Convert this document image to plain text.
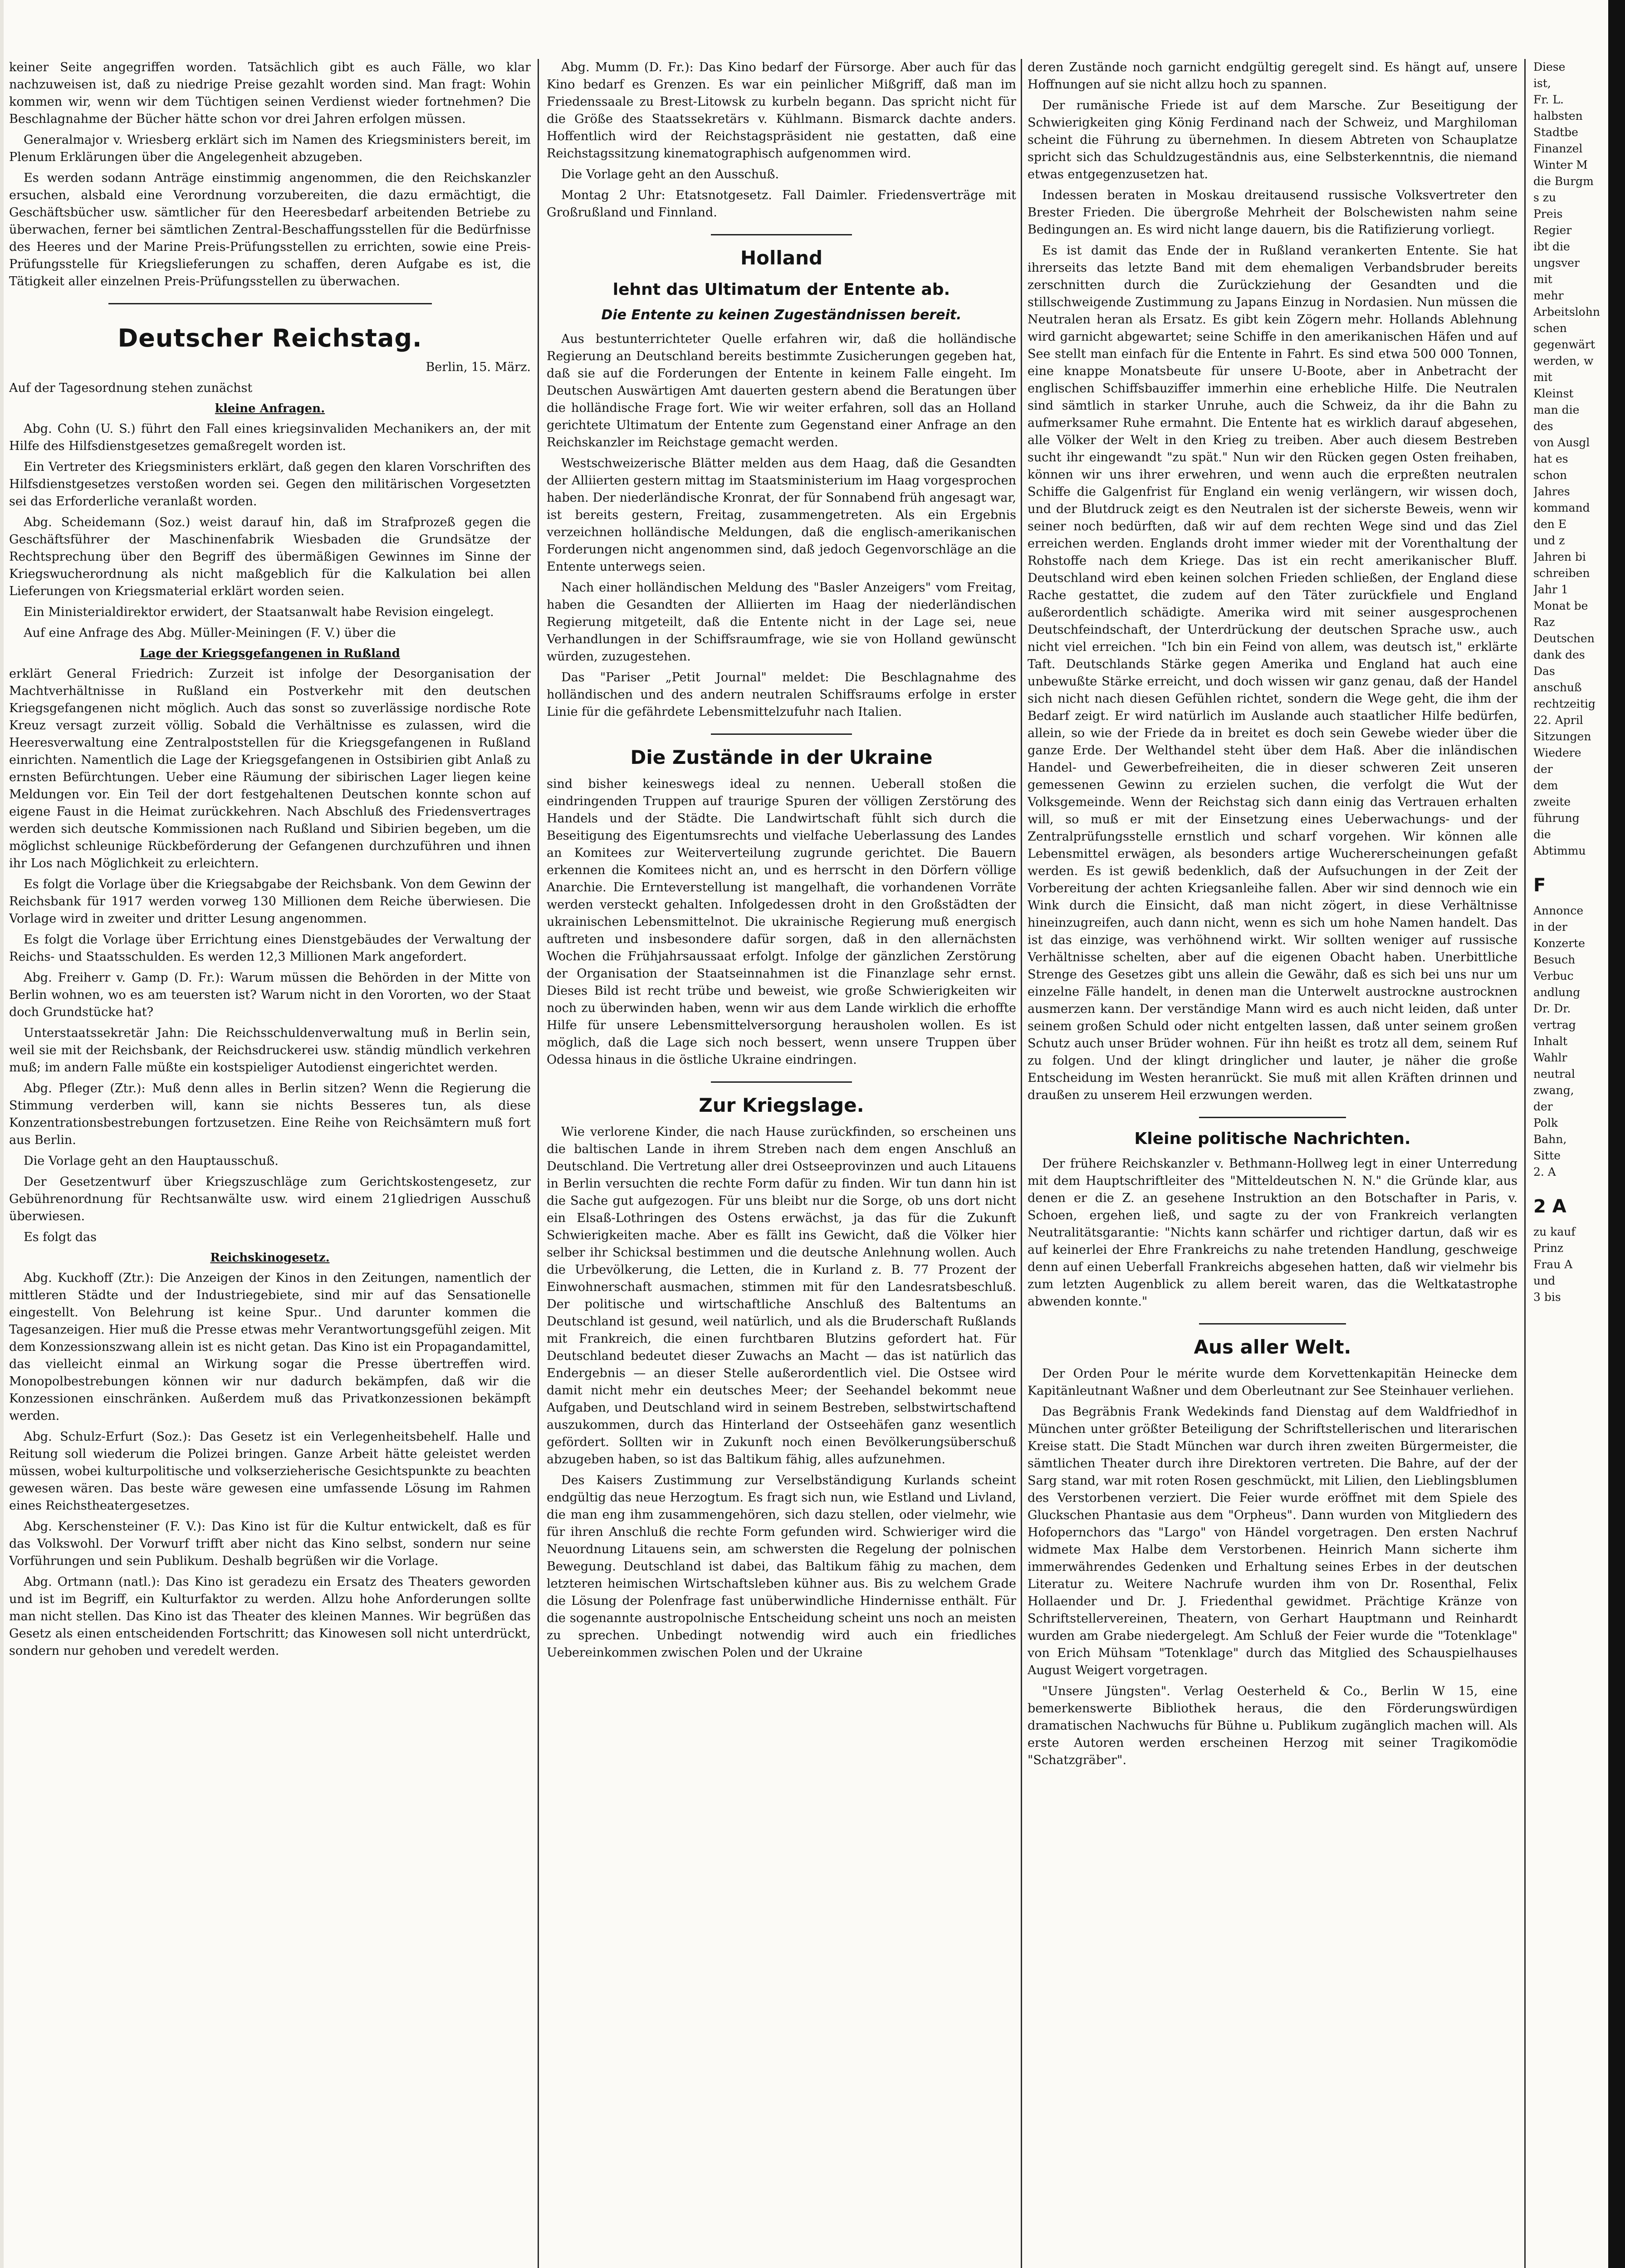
keiner Seite angegriffen worden. Tatsächlich gibt es auch Fälle, wo klar nachzuweisen ist, daß zu niedrige Preise gezahlt worden sind. Man fragt: Wohin kommen wir, wenn wir dem Tüchtigen seinen Verdienst wieder fortnehmen? Die Beschlagnahme der Bücher hätte schon vor drei Jahren erfolgen müssen.

Generalmajor v. Wriesberg erklärt sich im Namen des Kriegsministers bereit, im Plenum Erklärungen über die Angelegenheit abzugeben.

Es werden sodann Anträge einstimmig angenommen, die den Reichskanzler ersuchen, alsbald eine Verordnung vorzubereiten, die dazu ermächtigt, die Geschäftsbücher usw. sämtlicher für den Heeresbedarf arbeitenden Betriebe zu überwachen, ferner bei sämtlichen Zentral-Beschaffungsstellen für die Bedürfnisse des Heeres und der Marine Preis-Prüfungsstellen zu errichten, sowie eine Preis-Prüfungsstelle für Kriegslieferungen zu schaffen, deren Aufgabe es ist, die Tätigkeit aller einzelnen Preis-Prüfungsstellen zu überwachen.

Deutscher Reichstag.
Berlin, 15. März.

Auf der Tagesordnung stehen zunächst

kleine Anfragen.

Abg. Cohn (U. S.) führt den Fall eines kriegsinvaliden Mechanikers an, der mit Hilfe des Hilfsdienstgesetzes gemaßregelt worden ist.

Ein Vertreter des Kriegsministers erklärt, daß gegen den klaren Vorschriften des Hilfsdienstgesetzes verstoßen worden sei. Gegen den militärischen Vorgesetzten sei das Erforderliche veranlaßt worden.

Abg. Scheidemann (Soz.) weist darauf hin, daß im Strafprozeß gegen die Geschäftsführer der Maschinenfabrik Wiesbaden die Grundsätze der Rechtsprechung über den Begriff des übermäßigen Gewinnes im Sinne der Kriegswucherordnung als nicht maßgeblich für die Kalkulation bei allen Lieferungen von Kriegsmaterial erklärt worden seien.

Ein Ministerialdirektor erwidert, der Staatsanwalt habe Revision eingelegt.

Auf eine Anfrage des Abg. Müller-Meiningen (F. V.) über die

Lage der Kriegsgefangenen in Rußland

erklärt General Friedrich: Zurzeit ist infolge der Desorganisation der Machtverhältnisse in Rußland ein Postverkehr mit den deutschen Kriegsgefangenen nicht möglich. Auch das sonst so zuverlässige nordische Rote Kreuz versagt zurzeit völlig. Sobald die Verhältnisse es zulassen, wird die Heeresverwaltung eine Zentralpoststellen für die Kriegsgefangenen in Rußland einrichten. Namentlich die Lage der Kriegsgefangenen in Ostsibirien gibt Anlaß zu ernsten Befürchtungen. Ueber eine Räumung der sibirischen Lager liegen keine Meldungen vor. Ein Teil der dort festgehaltenen Deutschen konnte schon auf eigene Faust in die Heimat zurückkehren. Nach Abschluß des Friedensvertrages werden sich deutsche Kommissionen nach Rußland und Sibirien begeben, um die möglichst schleunige Rückbeförderung der Gefangenen durchzuführen und ihnen ihr Los nach Möglichkeit zu erleichtern.

Es folgt die Vorlage über die Kriegsabgabe der Reichsbank. Von dem Gewinn der Reichsbank für 1917 werden vorweg 130 Millionen dem Reiche überwiesen. Die Vorlage wird in zweiter und dritter Lesung angenommen.

Es folgt die Vorlage über Errichtung eines Dienstgebäudes der Verwaltung der Reichs- und Staatsschulden. Es werden 12,3 Millionen Mark angefordert.

Abg. Freiherr v. Gamp (D. Fr.): Warum müssen die Behörden in der Mitte von Berlin wohnen, wo es am teuersten ist? Warum nicht in den Vororten, wo der Staat doch Grundstücke hat?

Unterstaatssekretär Jahn: Die Reichsschuldenverwaltung muß in Berlin sein, weil sie mit der Reichsbank, der Reichsdruckerei usw. ständig mündlich verkehren muß; im andern Falle müßte ein kostspieliger Autodienst eingerichtet werden.

Abg. Pfleger (Ztr.): Muß denn alles in Berlin sitzen? Wenn die Regierung die Stimmung verderben will, kann sie nichts Besseres tun, als diese Konzentrationsbestrebungen fortzusetzen. Eine Reihe von Reichsämtern muß fort aus Berlin.

Die Vorlage geht an den Hauptausschuß.

Der Gesetzentwurf über Kriegszuschläge zum Gerichtskostengesetz, zur Gebührenordnung für Rechtsanwälte usw. wird einem 21gliedrigen Ausschuß überwiesen.

Es folgt das

Reichskinogesetz.

Abg. Kuckhoff (Ztr.): Die Anzeigen der Kinos in den Zeitungen, namentlich der mittleren Städte und der Industriegebiete, sind mir auf das Sensationelle eingestellt. Von Belehrung ist keine Spur.. Und darunter kommen die Tagesanzeigen. Hier muß die Presse etwas mehr Verantwortungsgefühl zeigen. Mit dem Konzessionszwang allein ist es nicht getan. Das Kino ist ein Propagandamittel, das vielleicht einmal an Wirkung sogar die Presse übertreffen wird. Monopolbestrebungen können wir nur dadurch bekämpfen, daß wir die Konzessionen einschränken. Außerdem muß das Privatkonzessionen bekämpft werden.

Abg. Schulz-Erfurt (Soz.): Das Gesetz ist ein Verlegenheitsbehelf. Halle und Reitung soll wiederum die Polizei bringen. Ganze Arbeit hätte geleistet werden müssen, wobei kulturpolitische und volkserzieherische Gesichtspunkte zu beachten gewesen wären. Das beste wäre gewesen eine umfassende Lösung im Rahmen eines Reichstheatergesetzes.

Abg. Kerschensteiner (F. V.): Das Kino ist für die Kultur entwickelt, daß es für das Volkswohl. Der Vorwurf trifft aber nicht das Kino selbst, sondern nur seine Vorführungen und sein Publikum. Deshalb begrüßen wir die Vorlage.

Abg. Ortmann (natl.): Das Kino ist geradezu ein Ersatz des Theaters geworden und ist im Begriff, ein Kulturfaktor zu werden. Allzu hohe Anforderungen sollte man nicht stellen. Das Kino ist das Theater des kleinen Mannes. Wir begrüßen das Gesetz als einen entscheidenden Fortschritt; das Kinowesen soll nicht unterdrückt, sondern nur gehoben und veredelt werden.

Abg. Mumm (D. Fr.): Das Kino bedarf der Fürsorge. Aber auch für das Kino bedarf es Grenzen. Es war ein peinlicher Mißgriff, daß man im Friedenssaale zu Brest-Litowsk zu kurbeln begann. Das spricht nicht für die Größe des Staatssekretärs v. Kühlmann. Bismarck dachte anders. Hoffentlich wird der Reichstagspräsident nie gestatten, daß eine Reichstagssitzung kinematographisch aufgenommen wird.

Die Vorlage geht an den Ausschuß.

Montag 2 Uhr: Etatsnotgesetz. Fall Daimler. Friedensverträge mit Großrußland und Finnland.

Holland
lehnt das Ultimatum der Entente ab.
Die Entente zu keinen Zugeständnissen bereit.

Aus bestunterrichteter Quelle erfahren wir, daß die holländische Regierung an Deutschland bereits bestimmte Zusicherungen gegeben hat, daß sie auf die Forderungen der Entente in keinem Falle eingeht. Im Deutschen Auswärtigen Amt dauerten gestern abend die Beratungen über die holländische Frage fort. Wie wir weiter erfahren, soll das an Holland gerichtete Ultimatum der Entente zum Gegenstand einer Anfrage an den Reichskanzler im Reichstage gemacht werden.

Westschweizerische Blätter melden aus dem Haag, daß die Gesandten der Alliierten gestern mittag im Staatsministerium im Haag vorgesprochen haben. Der niederländische Kronrat, der für Sonnabend früh angesagt war, ist bereits gestern, Freitag, zusammengetreten. Als ein Ergebnis verzeichnen holländische Meldungen, daß die englisch-amerikanischen Forderungen nicht angenommen sind, daß jedoch Gegenvorschläge an die Entente unterwegs seien.

Nach einer holländischen Meldung des "Basler Anzeigers" vom Freitag, haben die Gesandten der Alliierten im Haag der niederländischen Regierung mitgeteilt, daß die Entente nicht in der Lage sei, neue Verhandlungen in der Schiffsraumfrage, wie sie von Holland gewünscht würden, zuzugestehen.

Das "Pariser „Petit Journal" meldet: Die Beschlagnahme des holländischen und des andern neutralen Schiffsraums erfolge in erster Linie für die gefährdete Lebensmittelzufuhr nach Italien.

Die Zustände in der Ukraine

sind bisher keineswegs ideal zu nennen. Ueberall stoßen die eindringenden Truppen auf traurige Spuren der völligen Zerstörung des Handels und der Städte. Die Landwirtschaft fühlt sich durch die Beseitigung des Eigentumsrechts und vielfache Ueberlassung des Landes an Komitees zur Weiterverteilung zugrunde gerichtet. Die Bauern erkennen die Komitees nicht an, und es herrscht in den Dörfern völlige Anarchie. Die Ernteverstellung ist mangelhaft, die vorhandenen Vorräte werden versteckt gehalten. Infolgedessen droht in den Großstädten der ukrainischen Lebensmittelnot. Die ukrainische Regierung muß energisch auftreten und insbesondere dafür sorgen, daß in den allernächsten Wochen die Frühjahrsaussaat erfolgt. Infolge der gänzlichen Zerstörung der Organisation der Staatseinnahmen ist die Finanzlage sehr ernst. Dieses Bild ist recht trübe und beweist, wie große Schwierigkeiten wir noch zu überwinden haben, wenn wir aus dem Lande wirklich die erhoffte Hilfe für unsere Lebensmittelversorgung herausholen wollen. Es ist möglich, daß die Lage sich noch bessert, wenn unsere Truppen über Odessa hinaus in die östliche Ukraine eindringen.

Zur Kriegslage.

Wie verlorene Kinder, die nach Hause zurückfinden, so erscheinen uns die baltischen Lande in ihrem Streben nach dem engen Anschluß an Deutschland. Die Vertretung aller drei Ostseeprovinzen und auch Litauens in Berlin versuchten die rechte Form dafür zu finden. Wir tun dann hin ist die Sache gut aufgezogen. Für uns bleibt nur die Sorge, ob uns dort nicht ein Elsaß-Lothringen des Ostens erwächst, ja das für die Zukunft Schwierigkeiten mache. Aber es fällt ins Gewicht, daß die Völker hier selber ihr Schicksal bestimmen und die deutsche Anlehnung wollen. Auch die Urbevölkerung, die Letten, die in Kurland z. B. 77 Prozent der Einwohnerschaft ausmachen, stimmen mit für den Landesratsbeschluß. Der politische und wirtschaftliche Anschluß des Baltentums an Deutschland ist gesund, weil natürlich, und als die Bruderschaft Rußlands mit Frankreich, die einen furchtbaren Blutzins gefordert hat. Für Deutschland bedeutet dieser Zuwachs an Macht — das ist natürlich das Endergebnis — an dieser Stelle außerordentlich viel. Die Ostsee wird damit nicht mehr ein deutsches Meer; der Seehandel bekommt neue Aufgaben, und Deutschland wird in seinem Bestreben, selbstwirtschaftend auszukommen, durch das Hinterland der Ostseehäfen ganz wesentlich gefördert. Sollten wir in Zukunft noch einen Bevölkerungsüberschuß abzugeben haben, so ist das Baltikum fähig, alles aufzunehmen.

Des Kaisers Zustimmung zur Verselbständigung Kurlands scheint endgültig das neue Herzogtum. Es fragt sich nun, wie Estland und Livland, die man eng ihm zusammengehören, sich dazu stellen, oder vielmehr, wie für ihren Anschluß die rechte Form gefunden wird. Schwieriger wird die Neuordnung Litauens sein, am schwersten die Regelung der polnischen Bewegung. Deutschland ist dabei, das Baltikum fähig zu machen, dem letzteren heimischen Wirtschaftsleben kühner aus. Bis zu welchem Grade die Lösung der Polenfrage fast unüberwindliche Hindernisse enthält. Für die sogenannte austropolnische Entscheidung scheint uns noch an meisten zu sprechen. Unbedingt notwendig wird auch ein friedliches Uebereinkommen zwischen Polen und der Ukraine

deren Zustände noch garnicht endgültig geregelt sind. Es hängt auf, unsere Hoffnungen auf sie nicht allzu hoch zu spannen.

Der rumänische Friede ist auf dem Marsche. Zur Beseitigung der Schwierigkeiten ging König Ferdinand nach der Schweiz, und Marghiloman scheint die Führung zu übernehmen. In diesem Abtreten von Schauplatze spricht sich das Schuldzugeständnis aus, eine Selbsterkenntnis, die niemand etwas entgegenzusetzen hat.

Indessen beraten in Moskau dreitausend russische Volksvertreter den Brester Frieden. Die übergroße Mehrheit der Bolschewisten nahm seine Bedingungen an. Es wird nicht lange dauern, bis die Ratifizierung vorliegt.

Es ist damit das Ende der in Rußland verankerten Entente. Sie hat ihrerseits das letzte Band mit dem ehemaligen Verbandsbruder bereits zerschnitten durch die Zurückziehung der Gesandten und die stillschweigende Zustimmung zu Japans Einzug in Nordasien. Nun müssen die Neutralen heran als Ersatz. Es gibt kein Zögern mehr. Hollands Ablehnung wird garnicht abgewartet; seine Schiffe in den amerikanischen Häfen und auf See stellt man einfach für die Entente in Fahrt. Es sind etwa 500 000 Tonnen, eine knappe Monatsbeute für unsere U-Boote, aber in Anbetracht der englischen Schiffsbauziffer immerhin eine erhebliche Hilfe. Die Neutralen sind sämtlich in starker Unruhe, auch die Schweiz, da ihr die Bahn zu aufmerksamer Ruhe ermahnt. Die Entente hat es wirklich darauf abgesehen, alle Völker der Welt in den Krieg zu treiben. Aber auch diesem Bestreben sucht ihr eingewandt "zu spät." Nun wir den Rücken gegen Osten freihaben, können wir uns ihrer erwehren, und wenn auch die erpreßten neutralen Schiffe die Galgenfrist für England ein wenig verlängern, wir wissen doch, und der Blutdruck zeigt es den Neutralen ist der sicherste Beweis, wenn wir seiner noch bedürften, daß wir auf dem rechten Wege sind und das Ziel erreichen werden. Englands droht immer wieder mit der Vorenthaltung der Rohstoffe nach dem Kriege. Das ist ein recht amerikanischer Bluff. Deutschland wird eben keinen solchen Frieden schließen, der England diese Rache gestattet, die zudem auf den Täter zurückfiele und England außerordentlich schädigte. Amerika wird mit seiner ausgesprochenen Deutschfeindschaft, der Unterdrückung der deutschen Sprache usw., auch nicht viel erreichen. "Ich bin ein Feind von allem, was deutsch ist," erklärte Taft. Deutschlands Stärke gegen Amerika und England hat auch eine unbewußte Stärke erreicht, und doch wissen wir ganz genau, daß der Handel sich nicht nach diesen Gefühlen richtet, sondern die Wege geht, die ihm der Bedarf zeigt. Er wird natürlich im Auslande auch staatlicher Hilfe bedürfen, allein, so wie der Friede da in breitet es doch sein Gewebe wieder über die ganze Erde. Der Welthandel steht über dem Haß. Aber die inländischen Handel- und Gewerbefreiheiten, die in dieser schweren Zeit unseren gemessenen Gewinn zu erzielen suchen, die verfolgt die Wut der Volksgemeinde. Wenn der Reichstag sich dann einig das Vertrauen erhalten will, so muß er mit der Einsetzung eines Ueberwachungs- und der Zentralprüfungsstelle ernstlich und scharf vorgehen. Wir können alle Lebensmittel erwägen, als besonders artige Wuchererscheinungen gefaßt werden. Es ist gewiß bedenklich, daß der Aufsuchungen in der Zeit der Vorbereitung der achten Kriegsanleihe fallen. Aber wir sind dennoch wie ein Wink durch die Einsicht, daß man nicht zögert, in diese Verhältnisse hineinzugreifen, auch dann nicht, wenn es sich um hohe Namen handelt. Das ist das einzige, was verhöhnend wirkt. Wir sollten weniger auf russische Verhältnisse schelten, aber auf die eigenen Obacht haben. Unerbittliche Strenge des Gesetzes gibt uns allein die Gewähr, daß es sich bei uns nur um einzelne Fälle handelt, in denen man die Unterwelt austrockne austrocknen ausmerzen kann. Der verständige Mann wird es auch nicht leiden, daß unter seinem großen Schuld oder nicht entgelten lassen, daß unter seinem großen Schutz auch unser Brüder wohnen. Für ihn heißt es trotz all dem, seinem Ruf zu folgen. Und der klingt dringlicher und lauter, je näher die große Entscheidung im Westen heranrückt. Sie muß mit allen Kräften drinnen und draußen zu unserem Heil erzwungen werden.

Kleine politische Nachrichten.

Der frühere Reichskanzler v. Bethmann-Hollweg legt in einer Unterredung mit dem Hauptschriftleiter des "Mitteldeutschen N. N." die Gründe klar, aus denen er die Z. an gesehene Instruktion an den Botschafter in Paris, v. Schoen, ergehen ließ, und sagte zu der von Frankreich verlangten Neutralitätsgarantie: "Nichts kann schärfer und richtiger dartun, daß wir es auf keinerlei der Ehre Frankreichs zu nahe tretenden Handlung, geschweige denn auf einen Ueberfall Frankreichs abgesehen hatten, daß wir vielmehr bis zum letzten Augenblick zu allem bereit waren, das die Weltkatastrophe abwenden konnte."

Aus aller Welt.

Der Orden Pour le mérite wurde dem Korvettenkapitän Heinecke dem Kapitänleutnant Waßner und dem Oberleutnant zur See Steinhauer verliehen.

Das Begräbnis Frank Wedekinds fand Dienstag auf dem Waldfriedhof in München unter größter Beteiligung der Schriftstellerischen und literarischen Kreise statt. Die Stadt München war durch ihren zweiten Bürgermeister, die sämtlichen Theater durch ihre Direktoren vertreten. Die Bahre, auf der der Sarg stand, war mit roten Rosen geschmückt, mit Lilien, den Lieblingsblumen des Verstorbenen verziert. Die Feier wurde eröffnet mit dem Spiele des Gluckschen Phantasie aus dem "Orpheus". Dann wurden von Mitgliedern des Hofopernchors das "Largo" von Händel vorgetragen. Den ersten Nachruf widmete Max Halbe dem Verstorbenen. Heinrich Mann sicherte ihm immerwährendes Gedenken und Erhaltung seines Erbes in der deutschen Literatur zu. Weitere Nachrufe wurden ihm von Dr. Rosenthal, Felix Hollaender und Dr. J. Friedenthal gewidmet. Prächtige Kränze von Schriftstellervereinen, Theatern, von Gerhart Hauptmann und Reinhardt wurden am Grabe niedergelegt. Am Schluß der Feier wurde die "Totenklage" von Erich Mühsam "Totenklage" durch das Mitglied des Schauspielhauses August Weigert vorgetragen.

"Unsere Jüngsten". Verlag Oesterheld & Co., Berlin W 15, eine bemerkenswerte Bibliothek heraus, die den Förderungswürdigen dramatischen Nachwuchs für Bühne u. Publikum zugänglich machen will. Als erste Autoren werden erscheinen Herzog mit seiner Tragikomödie "Schatzgräber".

Diese

ist,

Fr. L.

halbsten

Stadtbe

Finanzel

Winter M

die Burgm

s zu

Preis

Regier

ibt die

ungsver

mit

mehr

Arbeitslohn

schen

gegenwärt

werden, w

mit

Kleinst

man die

des

von Ausgl

hat es

schon

Jahres

kommand

den E

und z

Jahren bi

schreiben

Jahr 1

Monat be

Raz

Deutschen

dank des

Das

anschuß

rechtzeitig

22. April

Sitzungen

Wiedere

der

dem

zweite

führung

die

Abtimmu

F

Annonce

in der

Konzerte

Besuch

Verbuc

andlung

Dr. Dr.

vertrag

Inhalt

Wahlr

neutral

zwang,

der

Polk

Bahn,

Sitte

2. A

2 A

zu kauf

Prinz

Frau A

und

3 bis
